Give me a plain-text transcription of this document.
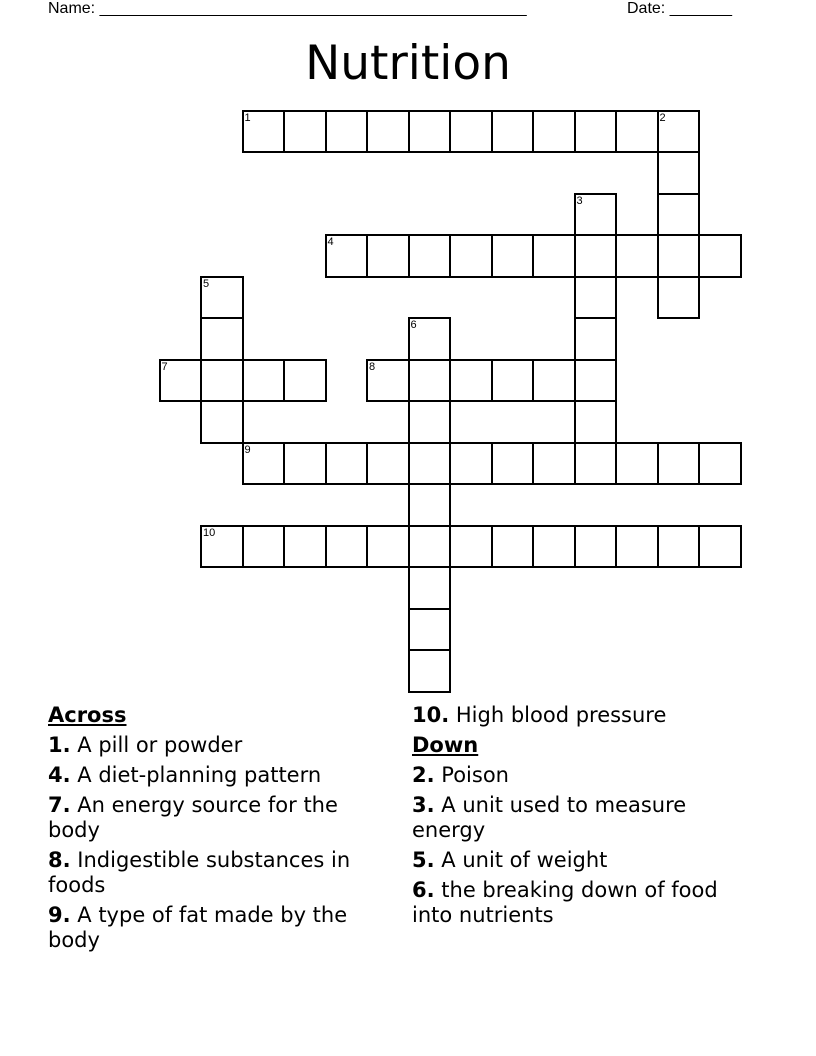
Name: ________________________________________________	Date: _______
Nutrition
1	2
3
4
5
6
7	8
9
10
Across
1. A pill or powder
4. A diet-planning pattern
7. An energy source for the body
8. Indigestible substances in foods
9. A type of fat made by the body
10. High blood pressure
Down
2. Poison
3. A unit used to measure energy
5. A unit of weight
6. the breaking down of food into nutrients
